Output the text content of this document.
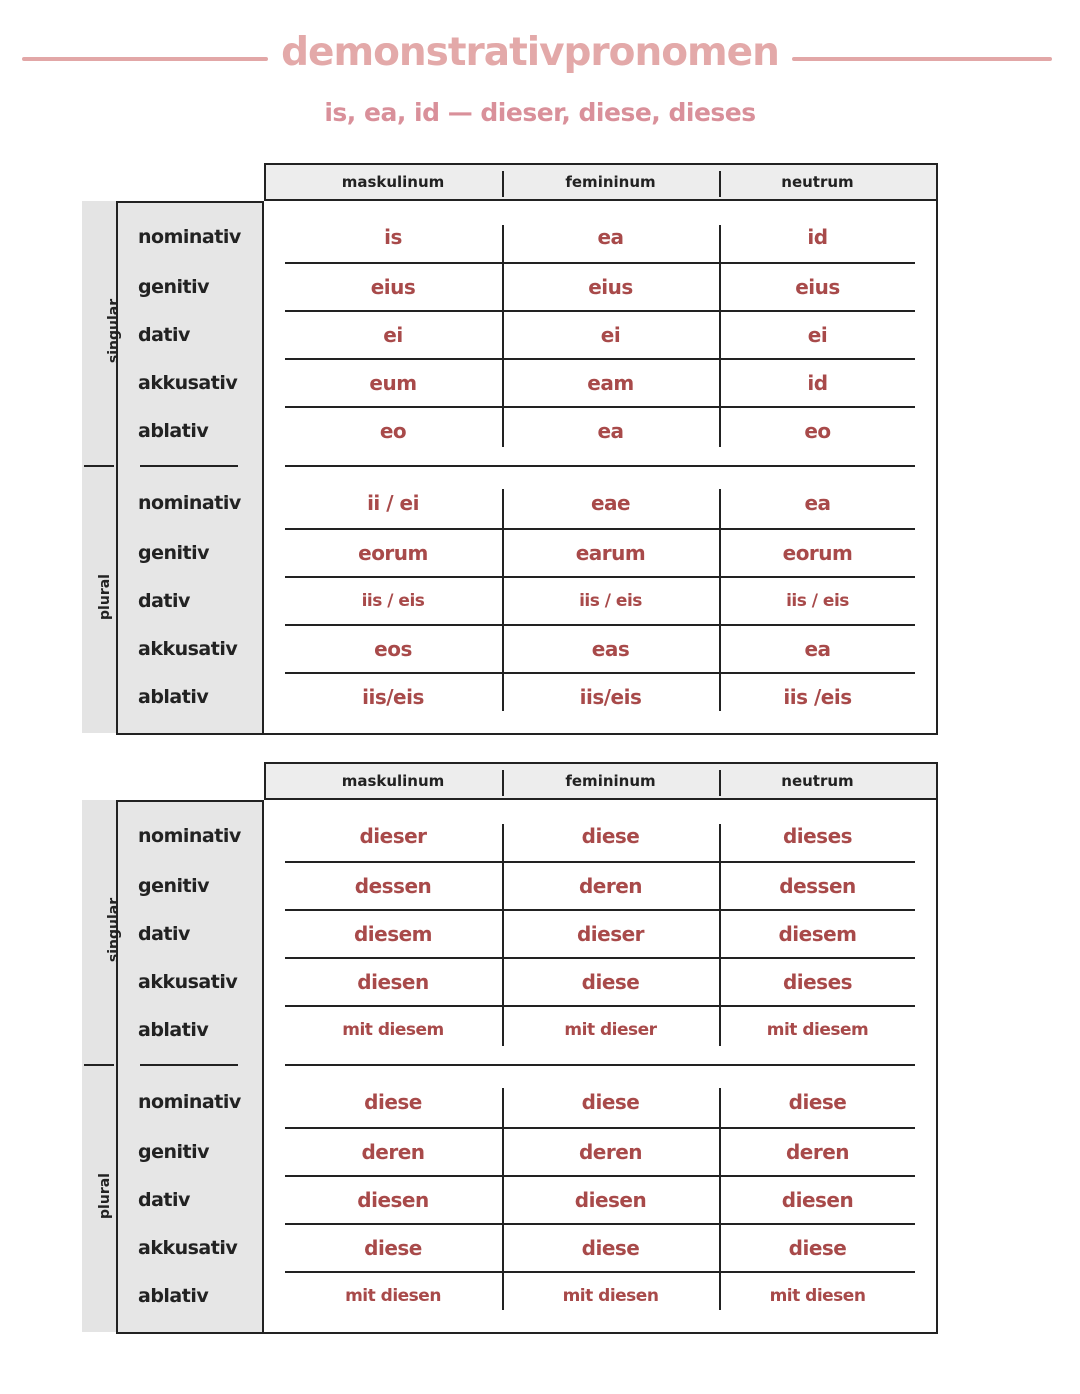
demonstrativpronomen
is, ea, id — dieser, diese, dieses
maskulinum	femininum	neutrum
singular
nominativ	is	ea	id
genitiv	eius	eius	eius
dativ	ei	ei	ei
akkusativ	eum	eam	id
ablativ	eo	ea	eo
plural
nominativ	ii / ei	eae	ea
genitiv	eorum	earum	eorum
dativ	iis / eis	iis / eis	iis / eis
akkusativ	eos	eas	ea
ablativ	iis/eis	iis/eis	iis /eis
maskulinum	femininum	neutrum
singular
nominativ	dieser	diese	dieses
genitiv	dessen	deren	dessen
dativ	diesem	dieser	diesem
akkusativ	diesen	diese	dieses
ablativ	mit diesem	mit dieser	mit diesem
plural
nominativ	diese	diese	diese
genitiv	deren	deren	deren
dativ	diesen	diesen	diesen
akkusativ	diese	diese	diese
ablativ	mit diesen	mit diesen	mit diesen
